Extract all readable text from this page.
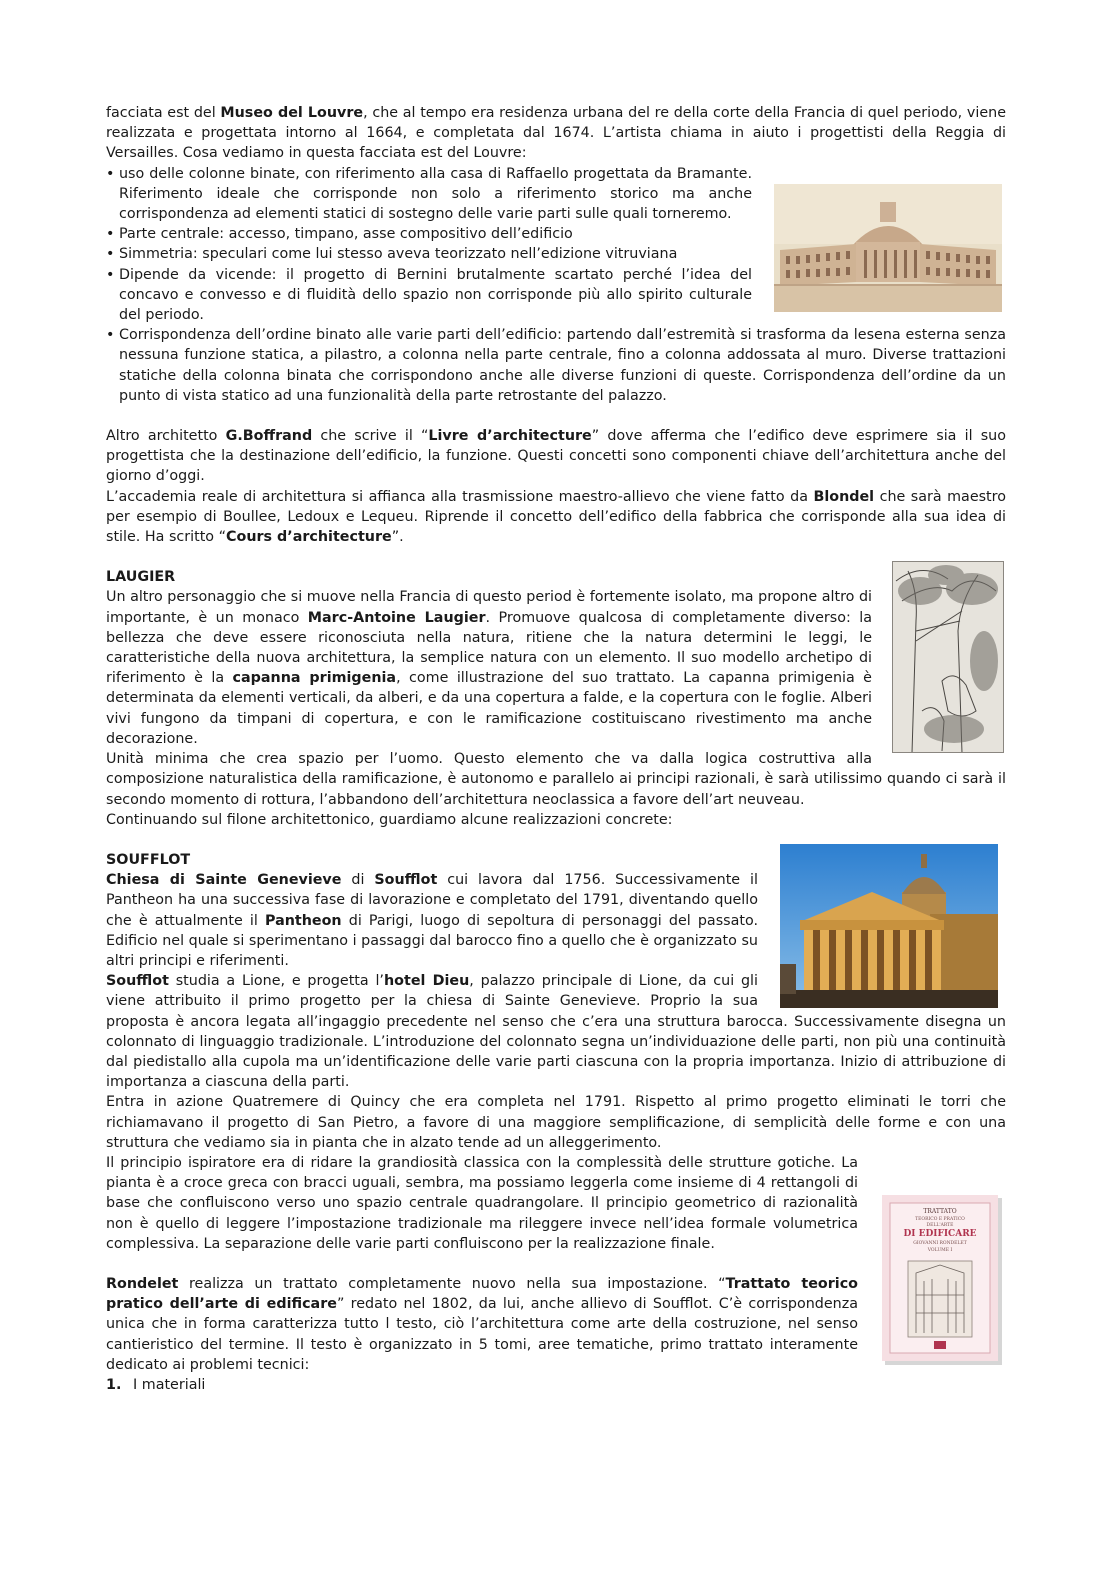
facciata est del Museo del Louvre, che al tempo era residenza urbana del re della corte della Francia di quel periodo, viene realizzata e progettata intorno al 1664, e completata dal 1674. L’artista chiama in aiuto i progettisti della Reggia di Versailles. Cosa vediamo in questa facciata est del Louvre:

• uso delle colonne binate, con riferimento alla casa di Raffaello progettata da Bramante. Riferimento ideale che corrisponde non solo a riferimento storico ma anche corrispondenza ad elementi statici di sostegno delle varie parti sulle quali torneremo.
• Parte centrale: accesso, timpano, asse compositivo dell’edificio
• Simmetria: speculari come lui stesso aveva teorizzato nell’edizione vitruviana
• Dipende da vicende: il progetto di Bernini brutalmente scartato perché l’idea del concavo e convesso e di fluidità dello spazio non corrisponde più allo spirito culturale del periodo.
• Corrispondenza dell’ordine binato alle varie parti dell’edificio: partendo dall’estremità si trasforma da lesena esterna senza nessuna funzione statica, a pilastro, a colonna nella parte centrale, fino a colonna addossata al muro. Diverse trattazioni statiche della colonna binata che corrispondono anche alle diverse funzioni di queste. Corrispondenza dell’ordine da un punto di vista statico ad una funzionalità della parte retrostante del palazzo.

Altro architetto G.Boffrand che scrive il “Livre d’architecture” dove afferma che l’edifico deve esprimere sia il suo progettista che la destinazione dell’edificio, la funzione. Questi concetti sono componenti chiave dell’architettura anche del giorno d’oggi.

L’accademia reale di architettura si affianca alla trasmissione maestro-allievo che viene fatto da Blondel che sarà maestro per esempio di Boullee, Ledoux e Lequeu. Riprende il concetto dell’edifico della fabbrica che corrisponde alla sua idea di stile. Ha scritto “Cours d’architecture”.

LAUGIER

Un altro personaggio che si muove nella Francia di questo period è fortemente isolato, ma propone altro di importante, è un monaco Marc-Antoine Laugier. Promuove qualcosa di completamente diverso: la bellezza che deve essere riconosciuta nella natura, ritiene che la natura determini le leggi, le caratteristiche della nuova architettura, la semplice natura con un elemento. Il suo modello archetipo di riferimento è la capanna primigenia, come illustrazione del suo trattato. La capanna primigenia è determinata da elementi verticali, da alberi, e da una copertura a falde, e la copertura con le foglie. Alberi vivi fungono da timpani di copertura, e con le ramificazione costituiscano rivestimento ma anche decorazione.

Unità minima che crea spazio per l’uomo. Questo elemento che va dalla logica costruttiva alla composizione naturalistica della ramificazione, è autonomo e parallelo ai principi razionali, è sarà utilissimo quando ci sarà il secondo momento di rottura, l’abbandono dell’architettura neoclassica a favore dell’art neuveau.

Continuando sul filone architettonico, guardiamo alcune realizzazioni concrete:

SOUFFLOT

Chiesa di Sainte Genevieve di Soufflot cui lavora dal 1756. Successivamente il Pantheon ha una successiva fase di lavorazione e completato del 1791, diventando quello che è attualmente il Pantheon di Parigi, luogo di sepoltura di personaggi del passato. Edificio nel quale si sperimentano i passaggi dal barocco fino a quello che è organizzato su altri principi e riferimenti.

Soufflot studia a Lione, e progetta l’hotel Dieu, palazzo principale di Lione, da cui gli viene attribuito il primo progetto per la chiesa di Sainte Genevieve. Proprio la sua proposta è ancora legata all’ingaggio precedente nel senso che c’era una struttura barocca. Successivamente disegna un colonnato di linguaggio tradizionale. L’introduzione del colonnato segna un’individuazione delle parti, non più una continuità dal piedistallo alla cupola ma un’identificazione delle varie parti ciascuna con la propria importanza. Inizio di attribuzione di importanza a ciascuna della parti.

Entra in azione Quatremere di Quincy che era completa nel 1791. Rispetto al primo progetto eliminati le torri che richiamavano il progetto di San Pietro, a favore di una maggiore semplificazione, di semplicità delle forme e con una struttura che vediamo sia in pianta che in alzato tende ad un alleggerimento.

TRATTATO
TEORICO E PRATICO
DELL'ARTE
DI EDIFICARE
GIOVANNI RONDELET
VOLUME I

Il principio ispiratore era di ridare la grandiosità classica con la complessità delle strutture gotiche. La pianta è a croce greca con bracci uguali, sembra, ma possiamo leggerla come insieme di 4 rettangoli di base che confluiscono verso uno spazio centrale quadrangolare. Il principio geometrico di razionalità non è quello di leggere l’impostazione tradizionale ma rileggere invece nell’idea formale volumetrica complessiva. La separazione delle varie parti confluiscono per la realizzazione finale.

Rondelet realizza un trattato completamente nuovo nella sua impostazione. “Trattato teorico pratico dell’arte di edificare” redato nel 1802, da lui, anche allievo di Soufflot. C’è corrispondenza unica che in forma caratterizza tutto l testo, ciò l’architettura come arte della costruzione, nel senso cantieristico del termine. Il testo è organizzato in 5 tomi, aree tematiche, primo trattato interamente dedicato ai problemi tecnici:

1. I materiali
